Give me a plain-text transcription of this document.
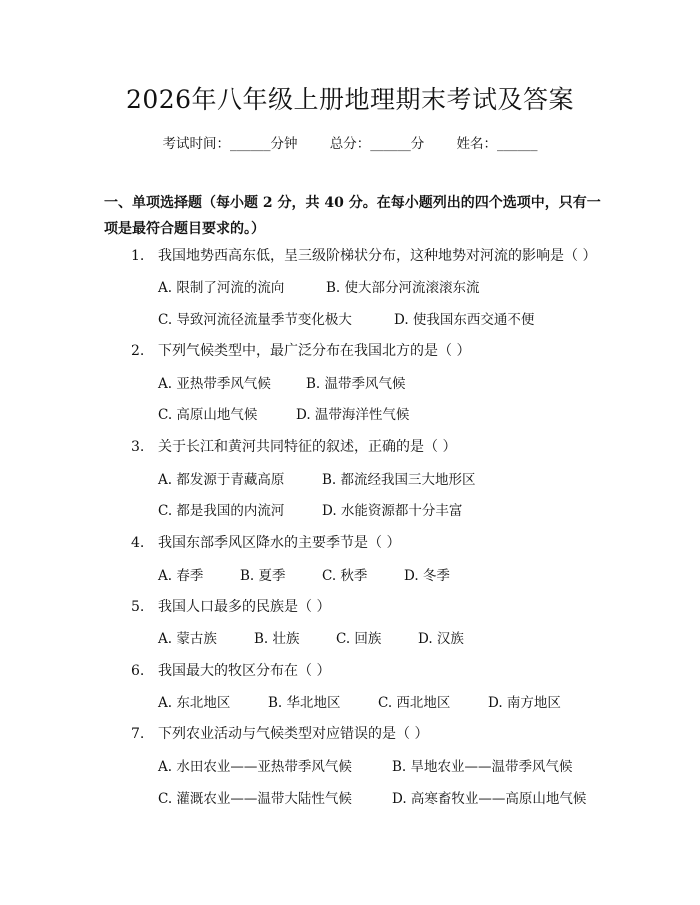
2026年八年级上册地理期末考试及答案
考试时间：______分钟 总分：______分 姓名：______
一、单项选择题（每小题 2 分，共 40 分。在每小题列出的四个选项中，只有一项是最符合题目要求的。）
1. 我国地势西高东低，呈三级阶梯状分布，这种地势对河流的影响是（ ）
A. 限制了河流的流向	B. 使大部分河流滚滚东流
C. 导致河流径流量季节变化极大	D. 使我国东西交通不便
2. 下列气候类型中，最广泛分布在我国北方的是（ ）
A. 亚热带季风气候	B. 温带季风气候
C. 高原山地气候	D. 温带海洋性气候
3. 关于长江和黄河共同特征的叙述，正确的是（ ）
A. 都发源于青藏高原	B. 都流经我国三大地形区
C. 都是我国的内流河	D. 水能资源都十分丰富
4. 我国东部季风区降水的主要季节是（ ）
A. 春季	B. 夏季	C. 秋季	D. 冬季
5. 我国人口最多的民族是（ ）
A. 蒙古族	B. 壮族	C. 回族	D. 汉族
6. 我国最大的牧区分布在（ ）
A. 东北地区	B. 华北地区	C. 西北地区	D. 南方地区
7. 下列农业活动与气候类型对应错误的是（ ）
A. 水田农业——亚热带季风气候	B. 旱地农业——温带季风气候
C. 灌溉农业——温带大陆性气候	D. 高寒畜牧业——高原山地气候
